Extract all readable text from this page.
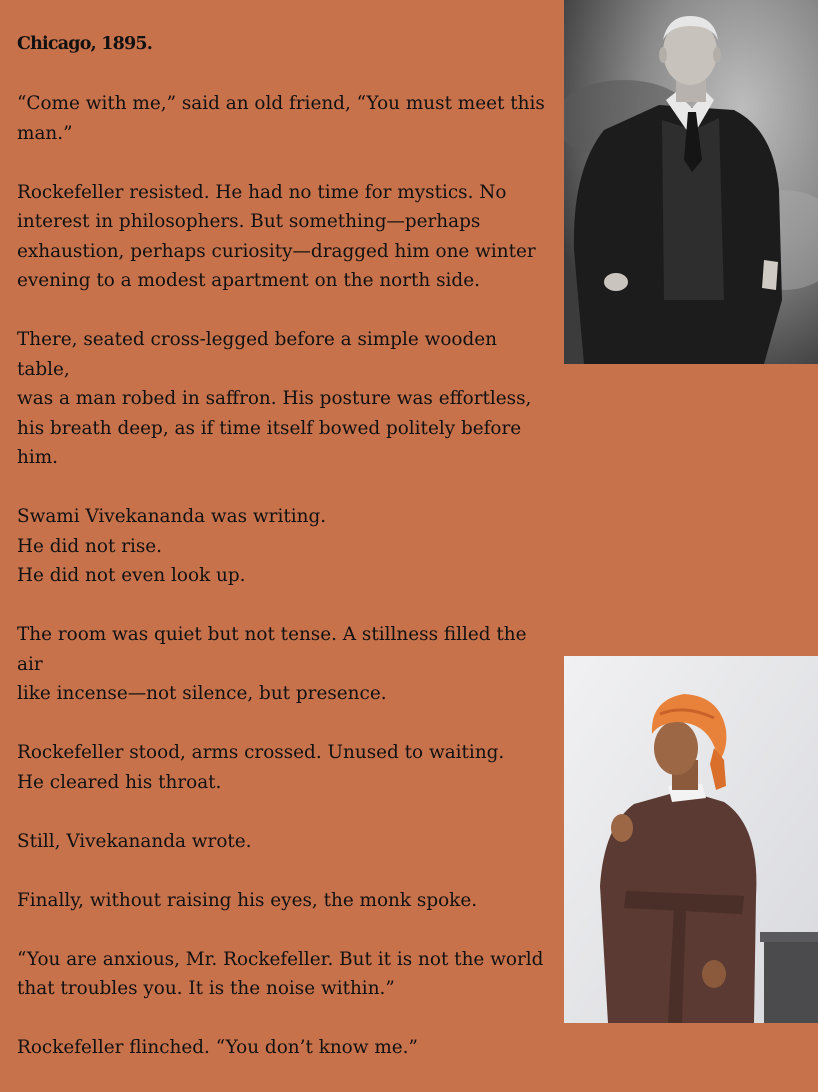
Chicago, 1895.
“Come with me,” said an old friend, “You must meet this
man.”
Rockefeller resisted. He had no time for mystics. No
interest in philosophers. But something—perhaps
exhaustion, perhaps curiosity—dragged him one winter
evening to a modest apartment on the north side.
There, seated cross-legged before a simple wooden table,
was a man robed in saffron. His posture was effortless,
his breath deep, as if time itself bowed politely before
him.
Swami Vivekananda was writing.
He did not rise.
He did not even look up.
The room was quiet but not tense. A stillness filled the air
like incense—not silence, but presence.
Rockefeller stood, arms crossed. Unused to waiting.
He cleared his throat.
Still, Vivekananda wrote.
Finally, without raising his eyes, the monk spoke.
“You are anxious, Mr. Rockefeller. But it is not the world
that troubles you. It is the noise within.”
Rockefeller flinched. “You don’t know me.”
